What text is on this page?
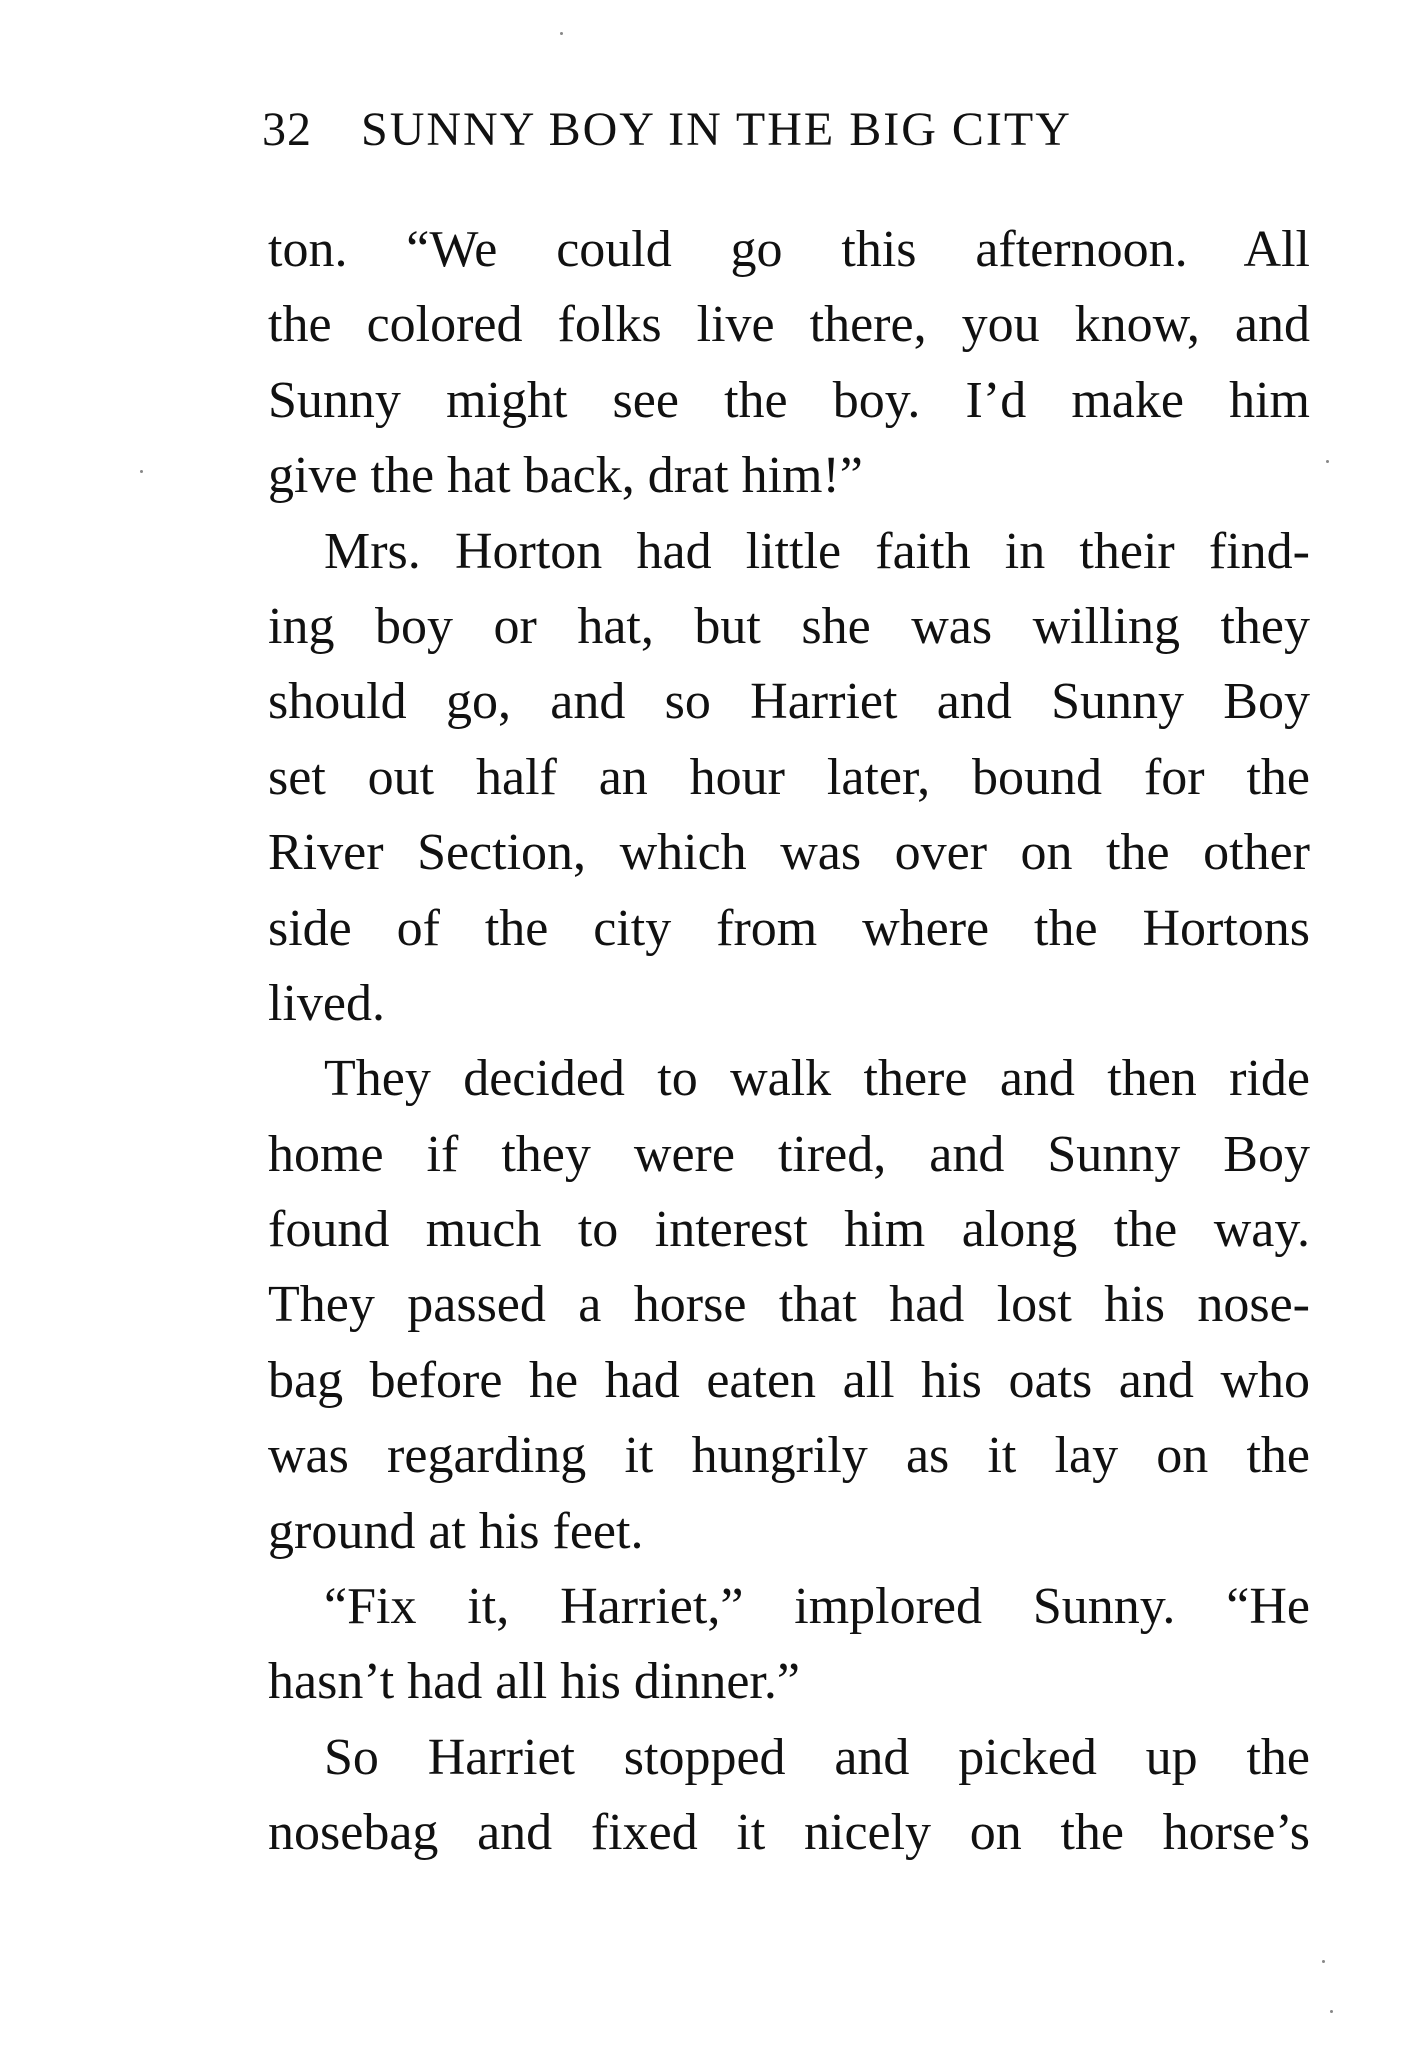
32 SUNNY BOY IN THE BIG CITY
ton. “We could go this afternoon. All
the colored folks live there, you know, and
Sunny might see the boy. I’d make him
give the hat back, drat him!”
Mrs. Horton had little faith in their find-
ing boy or hat, but she was willing they
should go, and so Harriet and Sunny Boy
set out half an hour later, bound for the
River Section, which was over on the other
side of the city from where the Hortons
lived.
They decided to walk there and then ride
home if they were tired, and Sunny Boy
found much to interest him along the way.
They passed a horse that had lost his nose-
bag before he had eaten all his oats and who
was regarding it hungrily as it lay on the
ground at his feet.
“Fix it, Harriet,” implored Sunny. “He
hasn’t had all his dinner.”
So Harriet stopped and picked up the
nosebag and fixed it nicely on the horse’s
